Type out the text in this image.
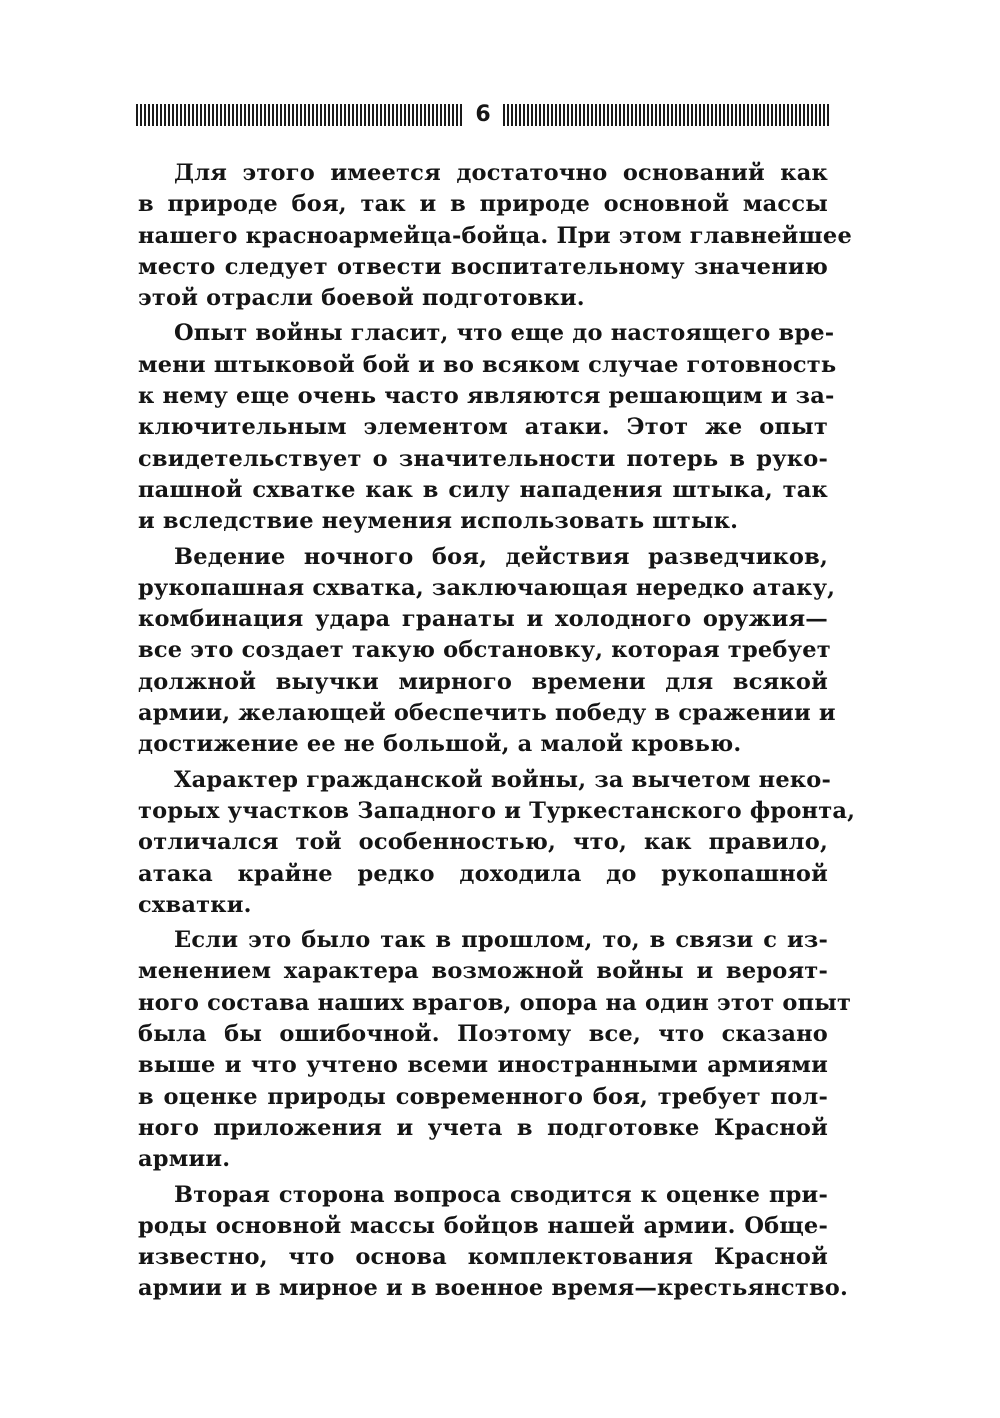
6
Для этого имеется достаточно оснований как
в природе боя, так и в природе основной массы
нашего красноармейца-бойца. При этом главнейшее
место следует отвести воспитательному значению
этой отрасли боевой подготовки.
Опыт войны гласит, что еще до настоящего вре-
мени штыковой бой и во всяком случае готовность
к нему еще очень часто являются решающим и за-
ключительным элементом атаки. Этот же опыт
свидетельствует о значительности потерь в руко-
пашной схватке как в силу нападения штыка, так
и вследствие неумения использовать штык.
Ведение ночного боя, действия разведчиков,
рукопашная схватка, заключающая нередко атаку,
комбинация удара гранаты и холодного оружия—
все это создает такую обстановку, которая требует
должной выучки мирного времени для всякой
армии, желающей обеспечить победу в сражении и
достижение ее не большой, а малой кровью.
Характер гражданской войны, за вычетом неко-
торых участков Западного и Туркестанского фронта,
отличался той особенностью, что, как правило,
атака крайне редко доходила до рукопашной
схватки.
Если это было так в прошлом, то, в связи с из-
менением характера возможной войны и вероят-
ного состава наших врагов, опора на один этот опыт
была бы ошибочной. Поэтому все, что сказано
выше и что учтено всеми иностранными армиями
в оценке природы современного боя, требует пол-
ного приложения и учета в подготовке Красной
армии.
Вторая сторона вопроса сводится к оценке при-
роды основной массы бойцов нашей армии. Обще-
известно, что основа комплектования Красной
армии и в мирное и в военное время—крестьянство.
